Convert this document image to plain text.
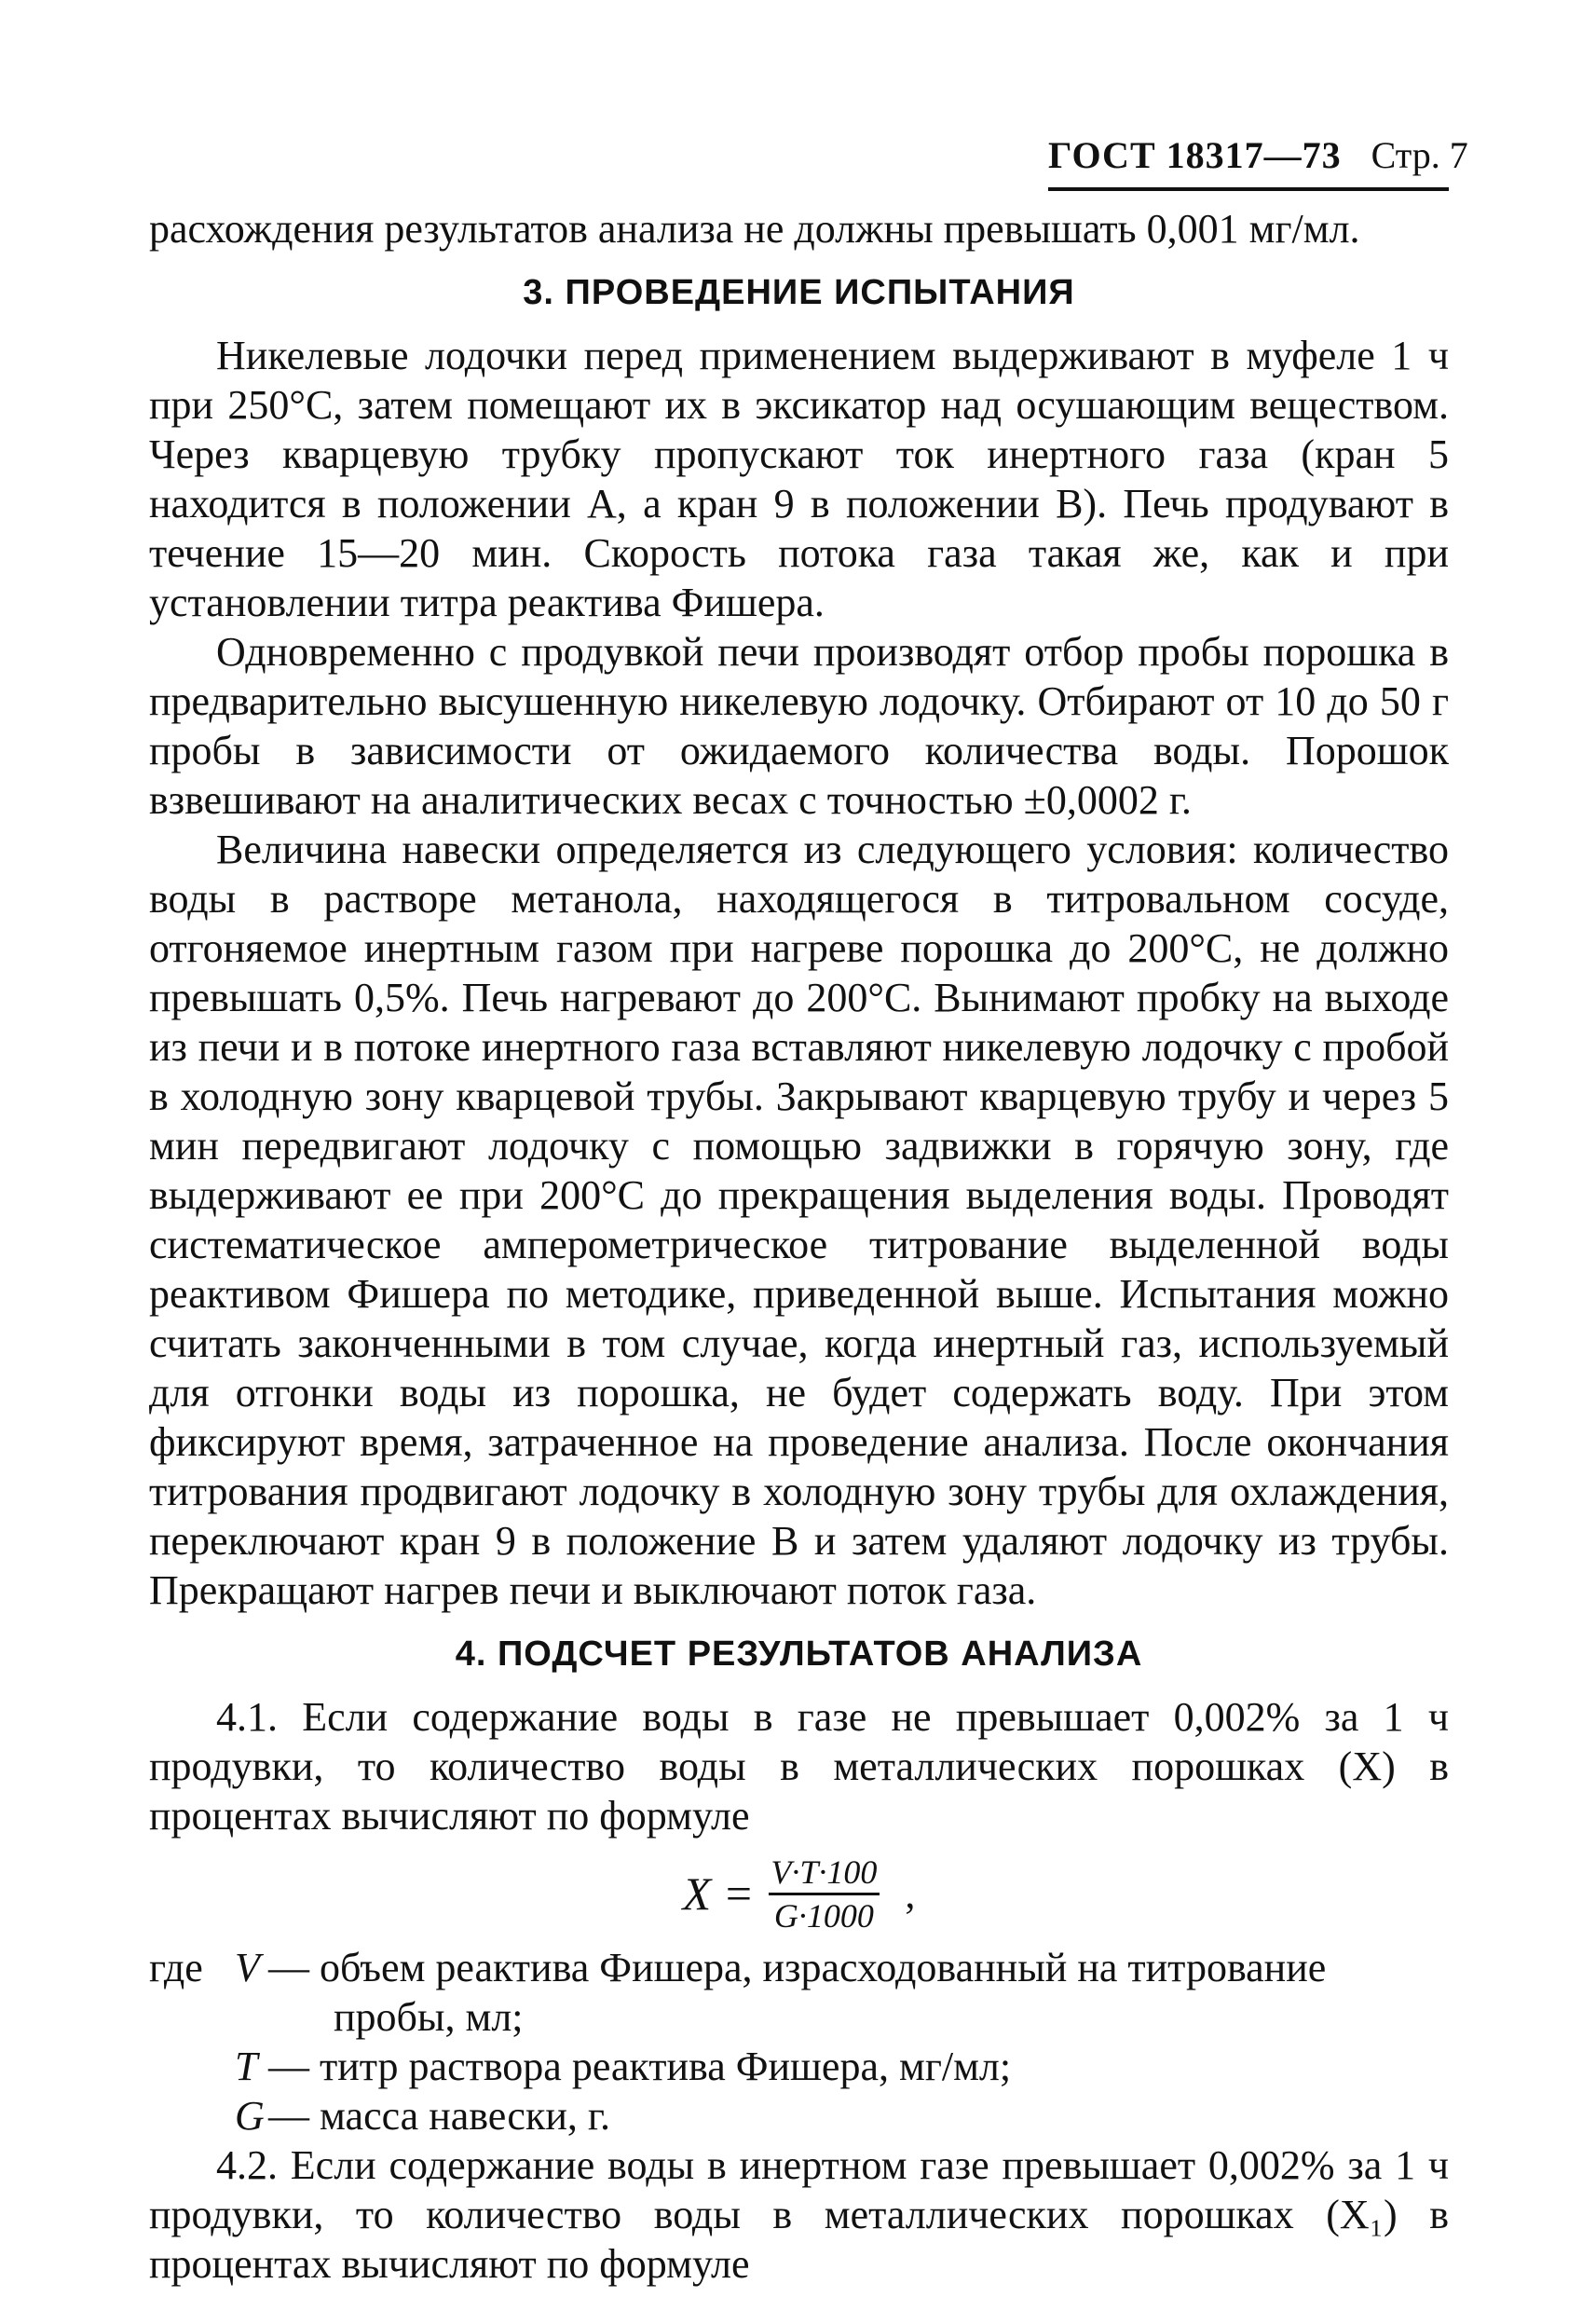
ГОСТ 18317—73 Стр. 7

расхождения результатов анализа не должны превышать 0,001 мг/мл.

3. ПРОВЕДЕНИЕ ИСПЫТАНИЯ

Никелевые лодочки перед применением выдерживают в муфеле 1 ч при 250°С, затем помещают их в эксикатор над осушающим веществом. Через кварцевую трубку пропускают ток инертного газа (кран 5 находится в положении А, а кран 9 в положении В). Печь продувают в течение 15—20 мин. Скорость потока газа такая же, как и при установлении титра реактива Фишера.

Одновременно с продувкой печи производят отбор пробы порошка в предварительно высушенную никелевую лодочку. Отбирают от 10 до 50 г пробы в зависимости от ожидаемого количества воды. Порошок взвешивают на аналитических весах с точностью ±0,0002 г.

Величина навески определяется из следующего условия: количество воды в растворе метанола, находящегося в титровальном сосуде, отгоняемое инертным газом при нагреве порошка до 200°С, не должно превышать 0,5%. Печь нагревают до 200°С. Вынимают пробку на выходе из печи и в потоке инертного газа вставляют никелевую лодочку с пробой в холодную зону кварцевой трубы. Закрывают кварцевую трубу и через 5 мин передвигают лодочку с помощью задвижки в горячую зону, где выдерживают ее при 200°С до прекращения выделения воды. Проводят систематическое амперометрическое титрование выделенной воды реактивом Фишера по методике, приведенной выше. Испытания можно считать законченными в том случае, когда инертный газ, используемый для отгонки воды из порошка, не будет содержать воду. При этом фиксируют время, затраченное на проведение анализа. После окончания титрования продвигают лодочку в холодную зону трубы для охлаждения, переключают кран 9 в положение В и затем удаляют лодочку из трубы. Прекращают нагрев печи и выключают поток газа.

4. ПОДСЧЕТ РЕЗУЛЬТАТОВ АНАЛИЗА

4.1. Если содержание воды в газе не превышает 0,002% за 1 ч продувки, то количество воды в металлических порошках (X) в процентах вычисляют по формуле

$X = \frac{V\cdot T\cdot 100}{G\cdot 1000}$ ,
где V — объем реактива Фишера, израсходованный на титрование
пробы, мл;
T — титр раствора реактива Фишера, мг/мл;
G — масса навески, г.

4.2. Если содержание воды в инертном газе превышает 0,002% за 1 ч продувки, то количество воды в металлических порошках (X₁) в процентах вычисляют по формуле
